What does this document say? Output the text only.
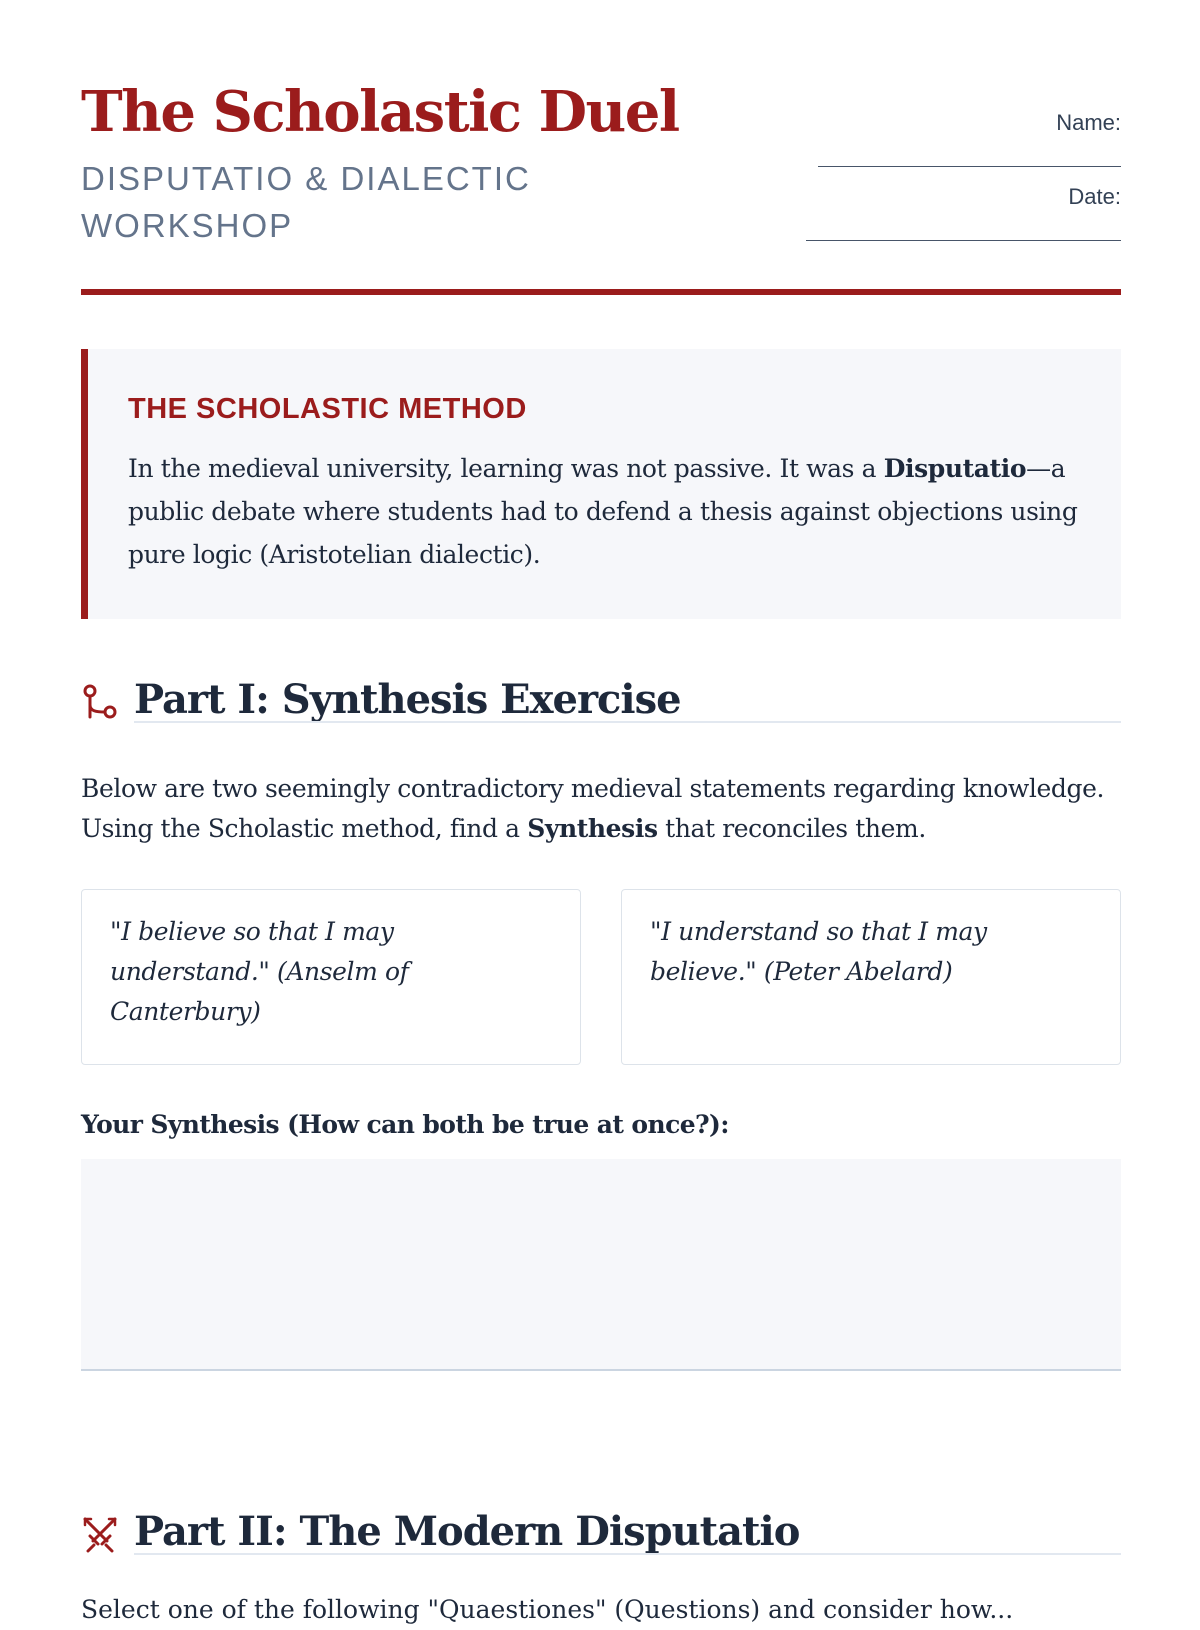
The Scholastic Duel
DISPUTATIO & DIALECTIC WORKSHOP
Name:
Date:
THE SCHOLASTIC METHOD

In the medieval university, learning was not passive. It was a Disputatio—a public debate where students had to defend a thesis against objections using pure logic (Aristotelian dialectic).

Part I: Synthesis Exercise

Below are two seemingly contradictory medieval statements regarding knowledge. Using the Scholastic method, find a Synthesis that reconciles them.

"I believe so that I may understand." (Anselm of Canterbury)
"I understand so that I may believe." (Peter Abelard)

Your Synthesis (How can both be true at once?):

Part II: The Modern Disputatio

Select one of the following "Quaestiones" (Questions) and consider how...
